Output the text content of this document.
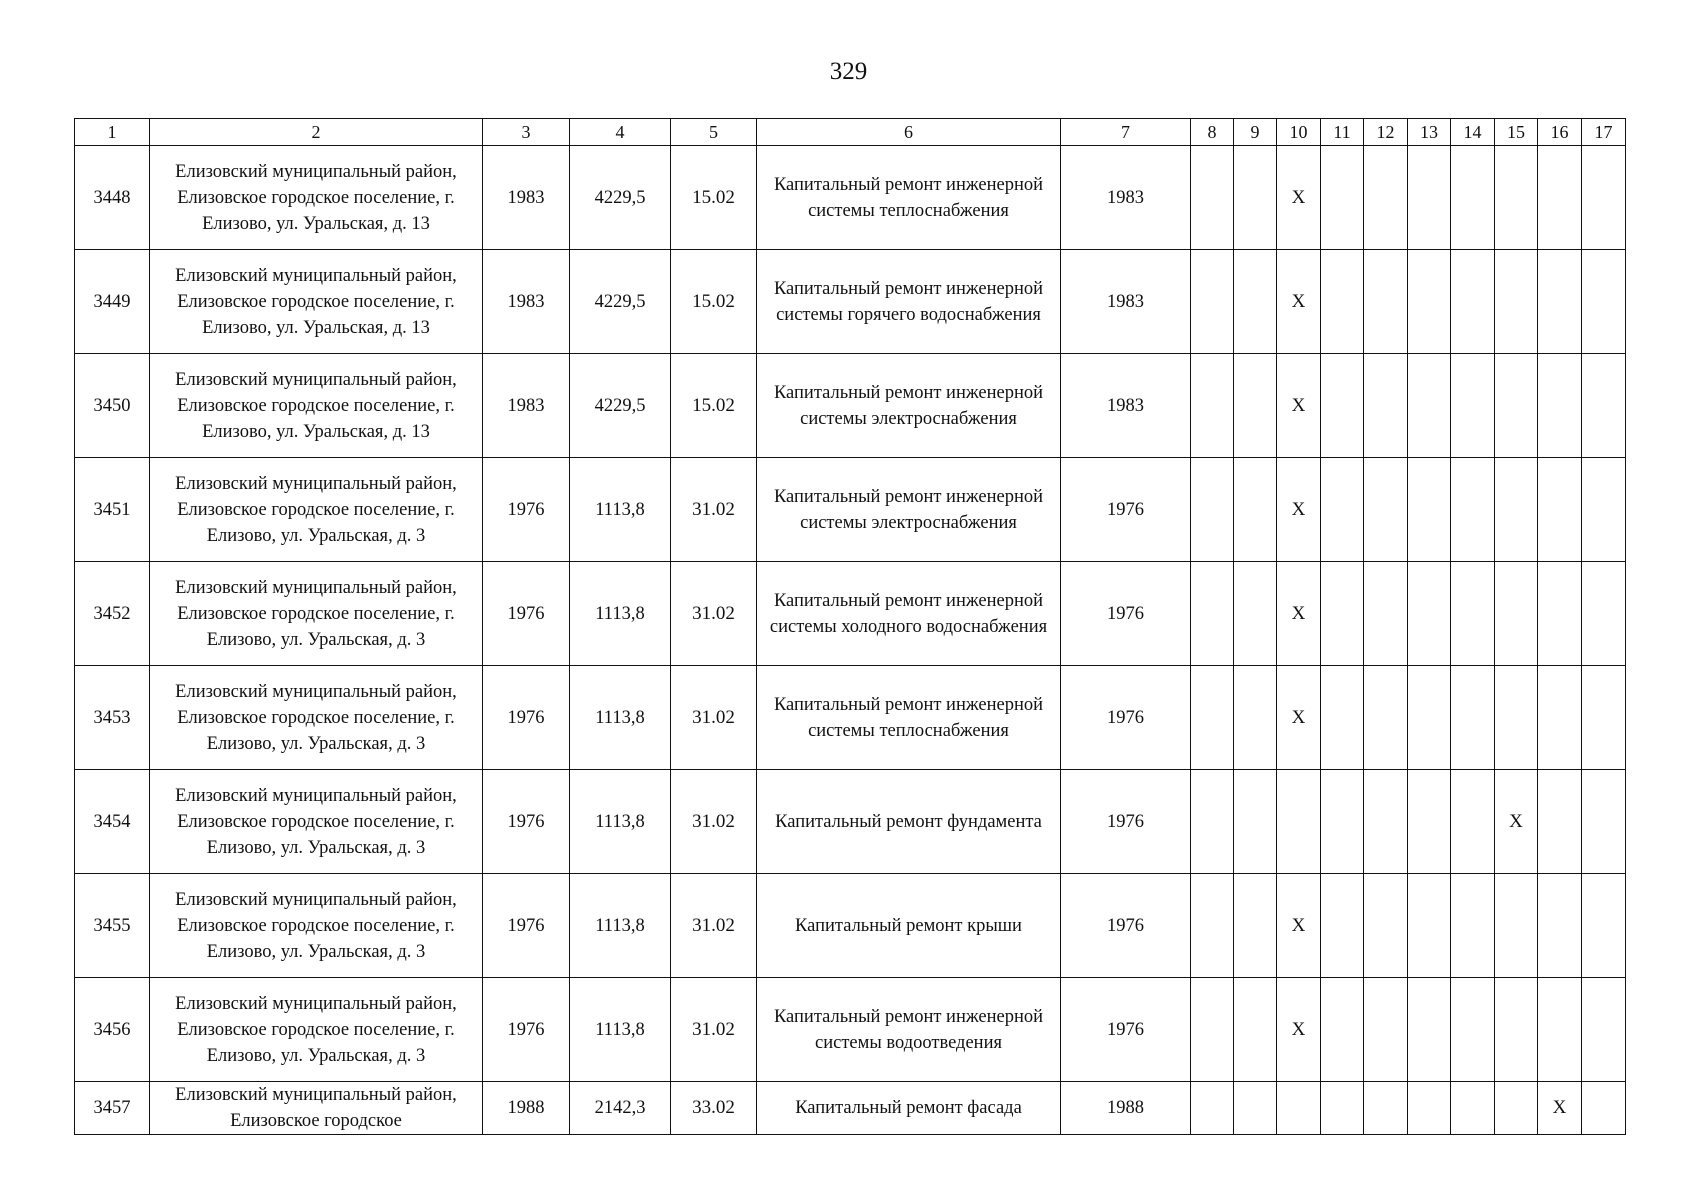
329
1	2	3	4	5	6	7	8	9	10	11	12	13	14	15	16	17
3448	Елизовский муниципальный район, Елизовское городское поселение, г. Елизово, ул. Уральская, д. 13	1983	4229,5	15.02	Капитальный ремонт инженерной системы теплоснабжения	1983			X							
3449	Елизовский муниципальный район, Елизовское городское поселение, г. Елизово, ул. Уральская, д. 13	1983	4229,5	15.02	Капитальный ремонт инженерной системы горячего водоснабжения	1983			X							
3450	Елизовский муниципальный район, Елизовское городское поселение, г. Елизово, ул. Уральская, д. 13	1983	4229,5	15.02	Капитальный ремонт инженерной системы электроснабжения	1983			X							
3451	Елизовский муниципальный район, Елизовское городское поселение, г. Елизово, ул. Уральская, д. 3	1976	1113,8	31.02	Капитальный ремонт инженерной системы электроснабжения	1976			X							
3452	Елизовский муниципальный район, Елизовское городское поселение, г. Елизово, ул. Уральская, д. 3	1976	1113,8	31.02	Капитальный ремонт инженерной системы холодного водоснабжения	1976			X							
3453	Елизовский муниципальный район, Елизовское городское поселение, г. Елизово, ул. Уральская, д. 3	1976	1113,8	31.02	Капитальный ремонт инженерной системы теплоснабжения	1976			X							
3454	Елизовский муниципальный район, Елизовское городское поселение, г. Елизово, ул. Уральская, д. 3	1976	1113,8	31.02	Капитальный ремонт фундамента	1976								X		
3455	Елизовский муниципальный район, Елизовское городское поселение, г. Елизово, ул. Уральская, д. 3	1976	1113,8	31.02	Капитальный ремонт крыши	1976			X							
3456	Елизовский муниципальный район, Елизовское городское поселение, г. Елизово, ул. Уральская, д. 3	1976	1113,8	31.02	Капитальный ремонт инженерной системы водоотведения	1976			X							
3457	Елизовский муниципальный район, Елизовское городское	1988	2142,3	33.02	Капитальный ремонт фасада	1988									X	
